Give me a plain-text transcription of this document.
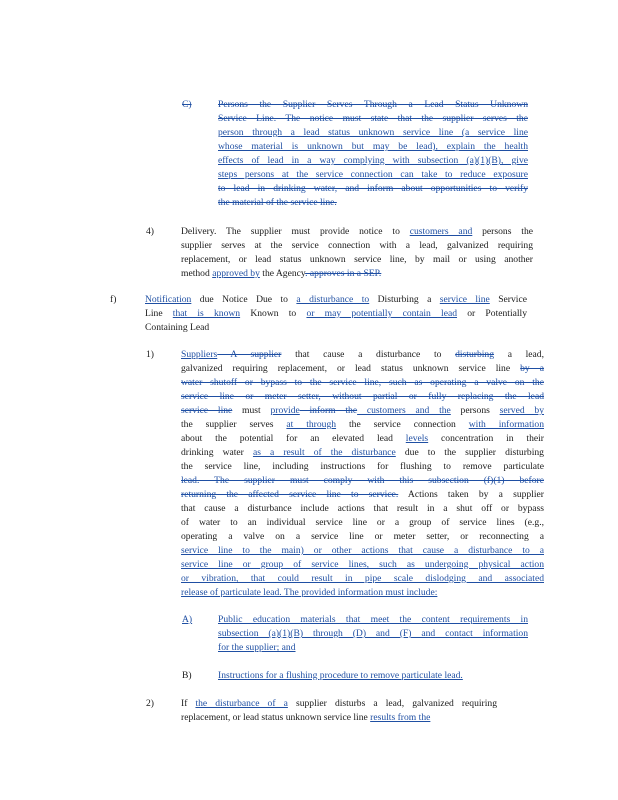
C)	Persons the Supplier Serves Through a Lead Status Unknown
Service Line. The notice must state that the supplier serves the
person through a lead status unknown service line (a service line
whose material is unknown but may be lead), explain the health
effects of lead in a way complying with subsection (a)(1)(B), give
steps persons at the service connection can take to reduce exposure
to lead in drinking water, and inform about opportunities to verify
the material of the service line.
4)	Delivery. The supplier must provide notice to customers and persons the
supplier serves at the service connection with a lead, galvanized requiring
replacement, or lead status unknown service line, by mail or using another
method approved by the Agency. approves in a SEP.
f)	Notification due Notice Due to a disturbance to Disturbing a service line Service
Line that is known Known to or may potentially contain lead or Potentially
Containing Lead
1)	Suppliers A supplier that cause a disturbance to disturbing a lead,
galvanized requiring replacement, or lead status unknown service line by a
water shutoff or bypass to the service line, such as operating a valve on the
service line or meter setter, without partial or fully replacing the lead
service line must provide inform the customers and the persons served by
the supplier serves at through the service connection with information
about the potential for an elevated lead levels concentration in their
drinking water as a result of the disturbance due to the supplier disturbing
the service line, including instructions for flushing to remove particulate
lead. The supplier must comply with this subsection (f)(1) before
returning the affected service line to service. Actions taken by a supplier
that cause a disturbance include actions that result in a shut off or bypass
of water to an individual service line or a group of service lines (e.g.,
operating a valve on a service line or meter setter, or reconnecting a
service line to the main) or other actions that cause a disturbance to a
service line or group of service lines, such as undergoing physical action
or vibration, that could result in pipe scale dislodging and associated
release of particulate lead. The provided information must include:
A)	Public education materials that meet the content requirements in
subsection (a)(1)(B) through (D) and (F) and contact information
for the supplier; and
B)	Instructions for a flushing procedure to remove particulate lead.
2)	If the disturbance of a supplier disturbs a lead, galvanized requiring
replacement, or lead status unknown service line results from the
